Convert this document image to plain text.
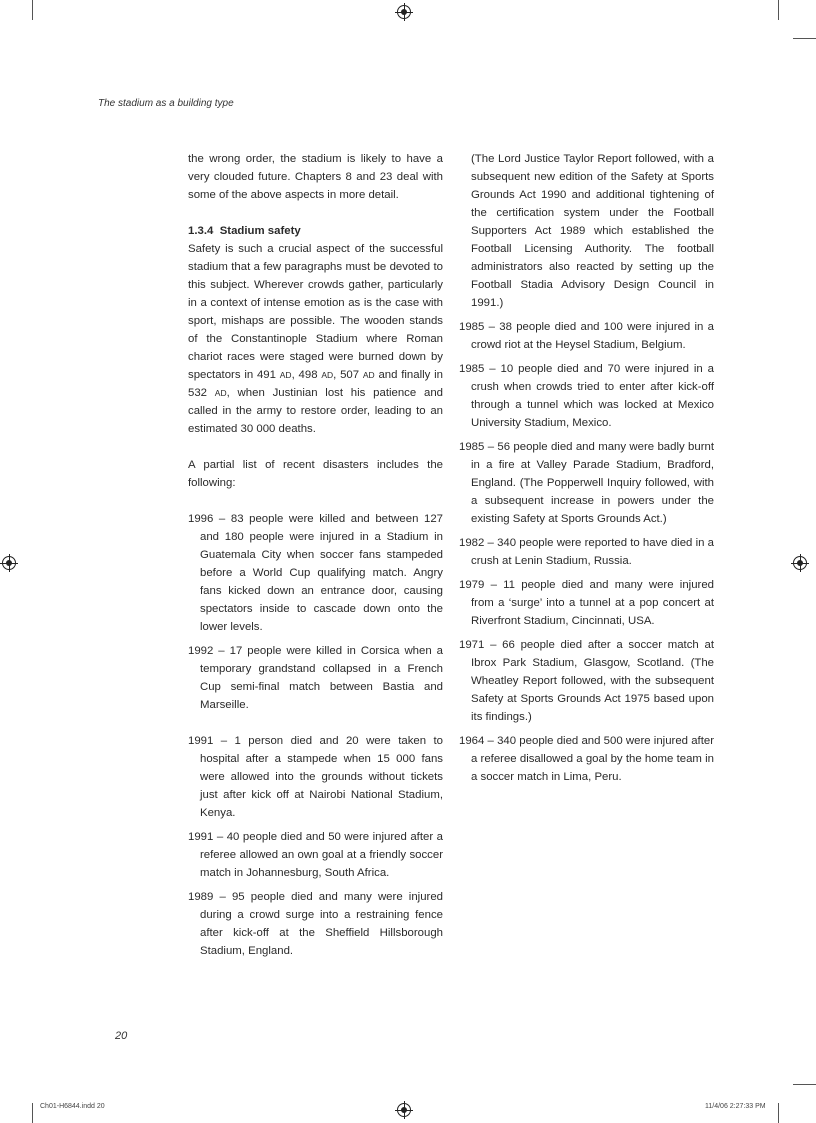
The stadium as a building type

the wrong order, the stadium is likely to have a very clouded future. Chapters 8 and 23 deal with some of the above aspects in more detail.

1.3.4 Stadium safety

Safety is such a crucial aspect of the successful stadium that a few paragraphs must be devoted to this subject. Wherever crowds gather, particularly in a context of intense emotion as is the case with sport, mishaps are possible. The wooden stands of the Constantinople Stadium where Roman chariot races were staged were burned down by spectators in 491 AD, 498 AD, 507 AD and finally in 532 AD, when Justinian lost his patience and called in the army to restore order, leading to an estimated 30 000 deaths.

A partial list of recent disasters includes the following:

1996 – 83 people were killed and between 127 and 180 people were injured in a Stadium in Guatemala City when soccer fans stampeded before a World Cup qualifying match. Angry fans kicked down an entrance door, causing spectators inside to cascade down onto the lower levels.

1992 – 17 people were killed in Corsica when a temporary grandstand collapsed in a French Cup semi-final match between Bastia and Marseille.

1991 – 1 person died and 20 were taken to hospital after a stampede when 15 000 fans were allowed into the grounds without tickets just after kick off at Nairobi National Stadium, Kenya.

1991 – 40 people died and 50 were injured after a referee allowed an own goal at a friendly soccer match in Johannesburg, South Africa.

1989 – 95 people died and many were injured during a crowd surge into a restraining fence after kick-off at the Sheffield Hillsborough Stadium, England.

(The Lord Justice Taylor Report followed, with a subsequent new edition of the Safety at Sports Grounds Act 1990 and additional tightening of the certification system under the Football Supporters Act 1989 which established the Football Licensing Authority. The football administrators also reacted by setting up the Football Stadia Advisory Design Council in 1991.)

1985 – 38 people died and 100 were injured in a crowd riot at the Heysel Stadium, Belgium.

1985 – 10 people died and 70 were injured in a crush when crowds tried to enter after kick-off through a tunnel which was locked at Mexico University Stadium, Mexico.

1985 – 56 people died and many were badly burnt in a fire at Valley Parade Stadium, Bradford, England. (The Popperwell Inquiry followed, with a subsequent increase in powers under the existing Safety at Sports Grounds Act.)

1982 – 340 people were reported to have died in a crush at Lenin Stadium, Russia.

1979 – 11 people died and many were injured from a ‘surge’ into a tunnel at a pop concert at Riverfront Stadium, Cincinnati, USA.

1971 – 66 people died after a soccer match at Ibrox Park Stadium, Glasgow, Scotland. (The Wheatley Report followed, with the subsequent Safety at Sports Grounds Act 1975 based upon its findings.)

1964 – 340 people died and 500 were injured after a referee disallowed a goal by the home team in a soccer match in Lima, Peru.

20
Ch01-H6844.indd 20	11/4/06 2:27:33 PM
